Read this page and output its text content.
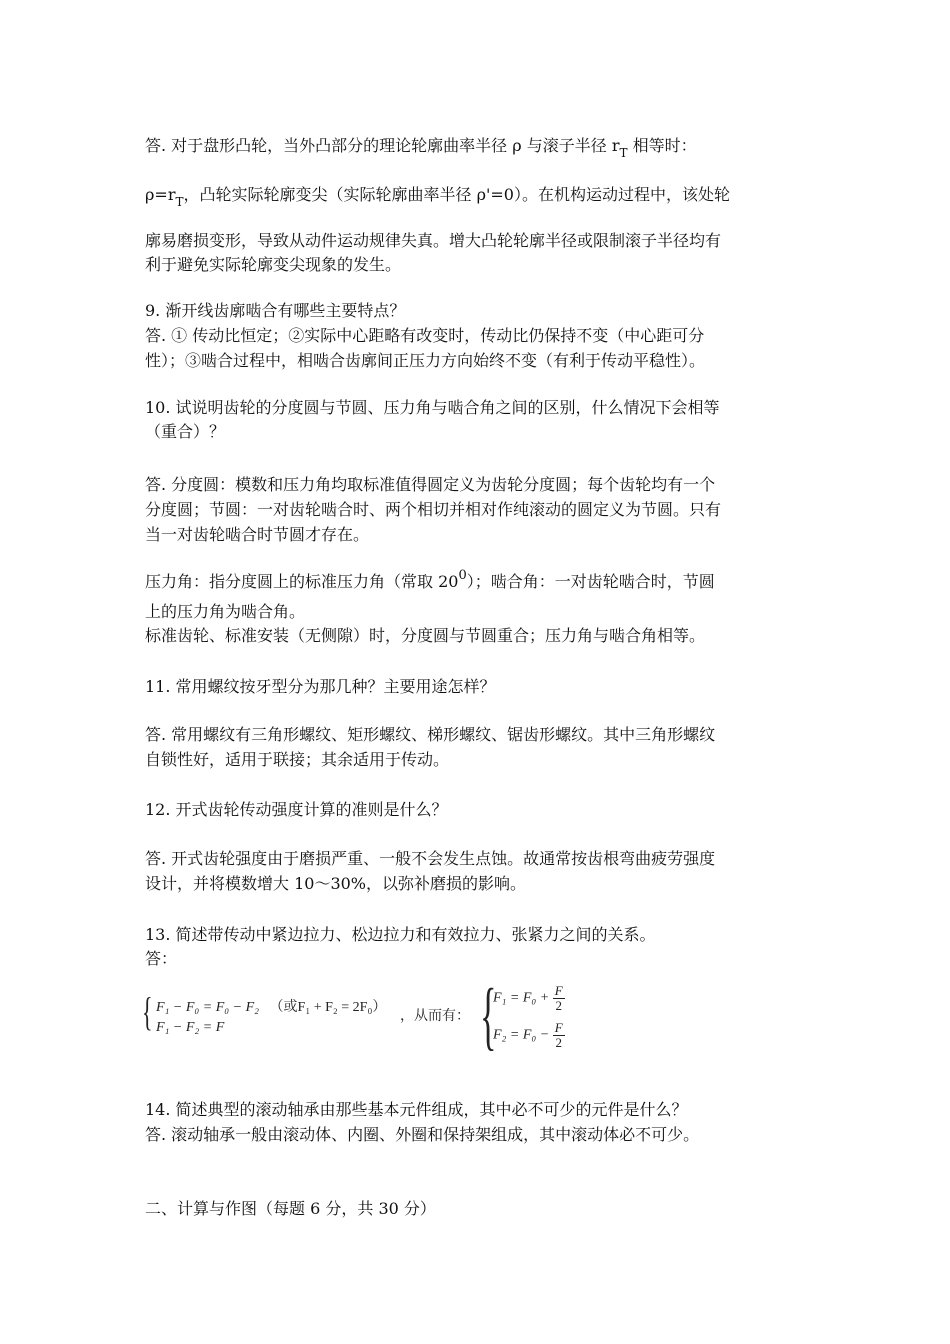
答. 对于盘形凸轮，当外凸部分的理论轮廓曲率半径 ρ 与滚子半径 $r_T$ 相等时：
$\rho=r_T$，凸轮实际轮廓变尖（实际轮廓曲率半径 ρ'=0）。在机构运动过程中，该处轮
廓易磨损变形，导致从动件运动规律失真。增大凸轮轮廓半径或限制滚子半径均有
利于避免实际轮廓变尖现象的发生。
9. 渐开线齿廓啮合有哪些主要特点？
答. ① 传动比恒定；②实际中心距略有改变时，传动比仍保持不变（中心距可分
性）；③啮合过程中，相啮合齿廓间正压力方向始终不变（有利于传动平稳性）。
10. 试说明齿轮的分度圆与节圆、压力角与啮合角之间的区别，什么情况下会相等
（重合）？
答. 分度圆：模数和压力角均取标准值得圆定义为齿轮分度圆；每个齿轮均有一个
分度圆；节圆：一对齿轮啮合时、两个相切并相对作纯滚动的圆定义为节圆。只有
当一对齿轮啮合时节圆才存在。
压力角：指分度圆上的标准压力角（常取 $20^0$）；啮合角：一对齿轮啮合时，节圆
上的压力角为啮合角。
标准齿轮、标准安装（无侧隙）时，分度圆与节圆重合；压力角与啮合角相等。
11. 常用螺纹按牙型分为那几种？主要用途怎样？
答. 常用螺纹有三角形螺纹、矩形螺纹、梯形螺纹、锯齿形螺纹。其中三角形螺纹
自锁性好，适用于联接；其余适用于传动。
12. 开式齿轮传动强度计算的准则是什么？
答. 开式齿轮强度由于磨损严重、一般不会发生点蚀。故通常按齿根弯曲疲劳强度
设计，并将模数增大 10～30%，以弥补磨损的影响。
13. 简述带传动中紧边拉力、松边拉力和有效拉力、张紧力之间的关系。
答：
{ F₁ − F₀ = F₀ − F₂ （或F₁ + F₂ = 2F₀）
F₁ − F₂ = F
，从而有： {
$F_1 = F_0 + \frac{F}{2}$
$F_2 = F_0 - \frac{F}{2}$
14. 简述典型的滚动轴承由那些基本元件组成，其中必不可少的元件是什么？
答. 滚动轴承一般由滚动体、内圈、外圈和保持架组成，其中滚动体必不可少。
二、计算与作图（每题 6 分，共 30 分）
